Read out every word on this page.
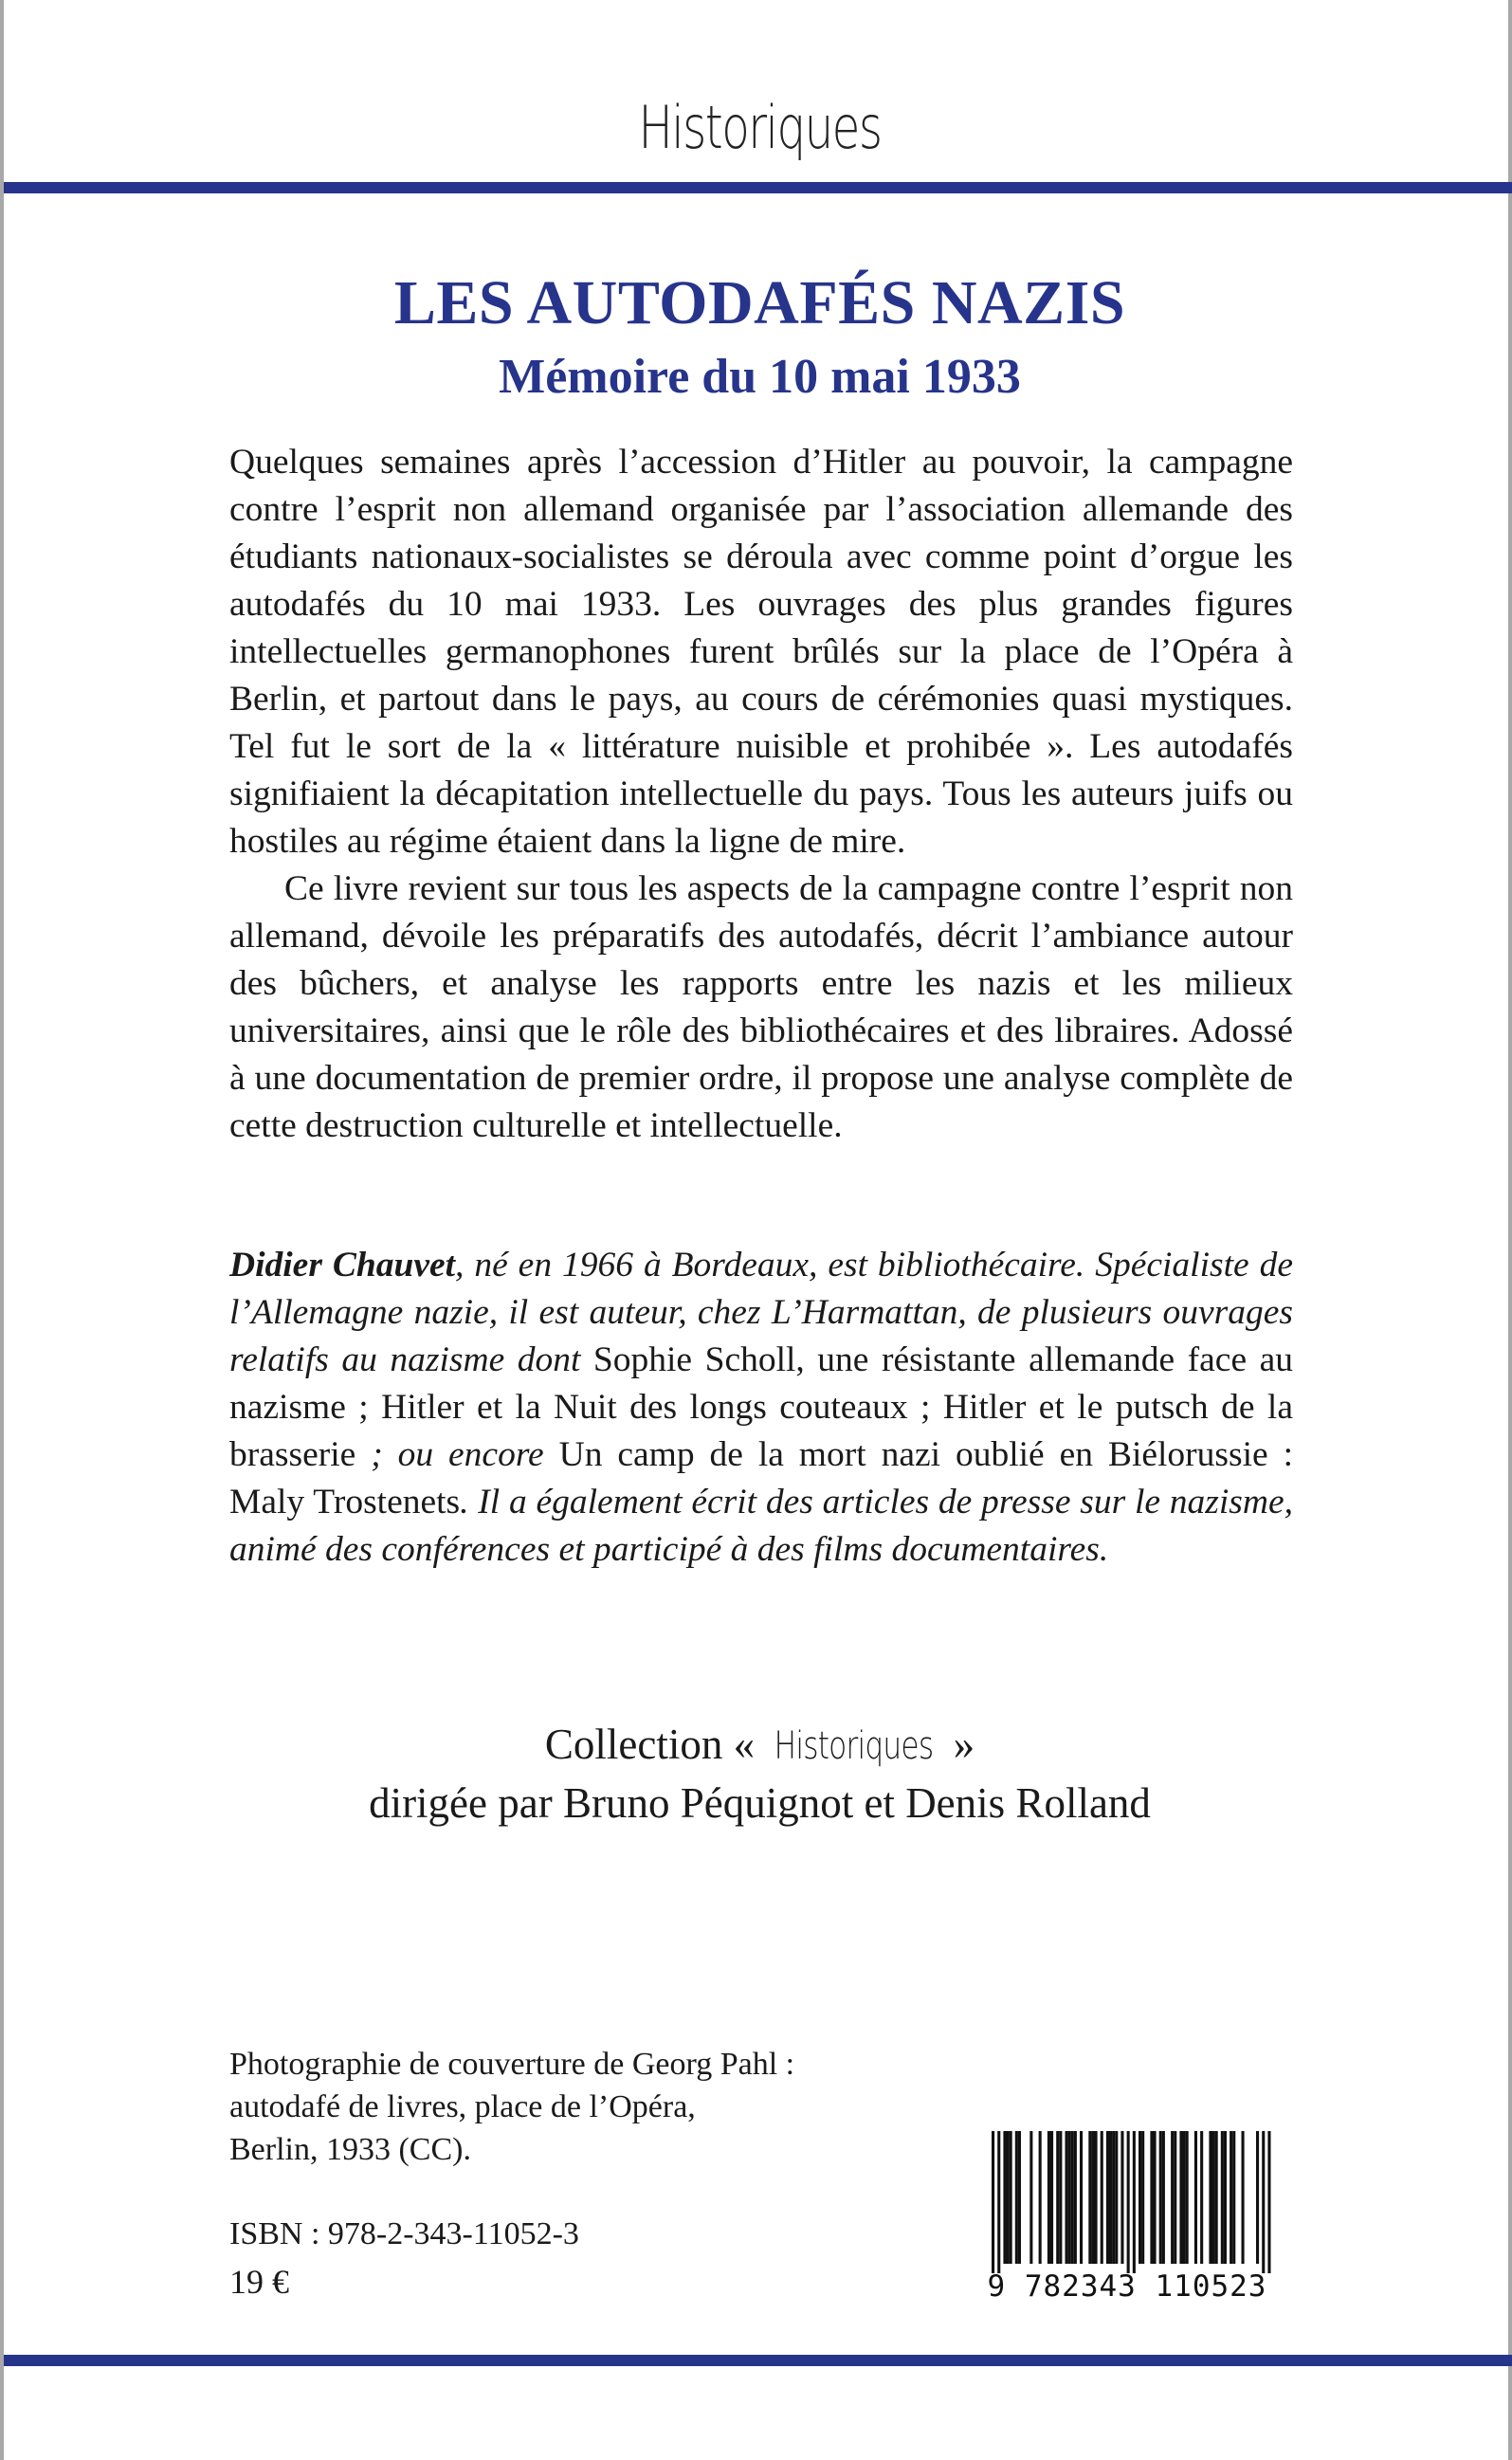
Historiques
LES AUTODAFÉS NAZIS
Mémoire du 10 mai 1933

Quelques semaines après l’accession d’Hitler au pouvoir, la campagne contre l’esprit non allemand organisée par l’association allemande des étudiants nationaux-socialistes se déroula avec comme point d’orgue les autodafés du 10 mai 1933. Les ouvrages des plus grandes figures intellectuelles germanophones furent brûlés sur la place de l’Opéra à Berlin, et partout dans le pays, au cours de cérémonies quasi mystiques. Tel fut le sort de la « littérature nuisible et prohibée ». Les autodafés signifiaient la décapitation intellectuelle du pays. Tous les auteurs juifs ou hostiles au régime étaient dans la ligne de mire.

Ce livre revient sur tous les aspects de la campagne contre l’esprit non allemand, dévoile les préparatifs des autodafés, décrit l’ambiance autour des bûchers, et analyse les rapports entre les nazis et les milieux universitaires, ainsi que le rôle des bibliothécaires et des libraires. Adossé à une documentation de premier ordre, il propose une analyse complète de cette destruction culturelle et intellectuelle.

Didier Chauvet, né en 1966 à Bordeaux, est bibliothécaire. Spécialiste de l’Allemagne nazie, il est auteur, chez L’Harmattan, de plusieurs ouvrages relatifs au nazisme dont Sophie Scholl, une résistante allemande face au nazisme ; Hitler et la Nuit des longs couteaux ; Hitler et le putsch de la brasserie ; ou encore Un camp de la mort nazi oublié en Biélorussie : Maly Trostenets. Il a également écrit des articles de presse sur le nazisme, animé des conférences et participé à des films documentaires.

Collection « Historiques »
dirigée par Bruno Péquignot et Denis Rolland

Photographie de couverture de Georg Pahl :

autodafé de livres, place de l’Opéra,

Berlin, 1933 (CC).

ISBN : 978-2-343-11052-3
19 €	9 782343 110523
